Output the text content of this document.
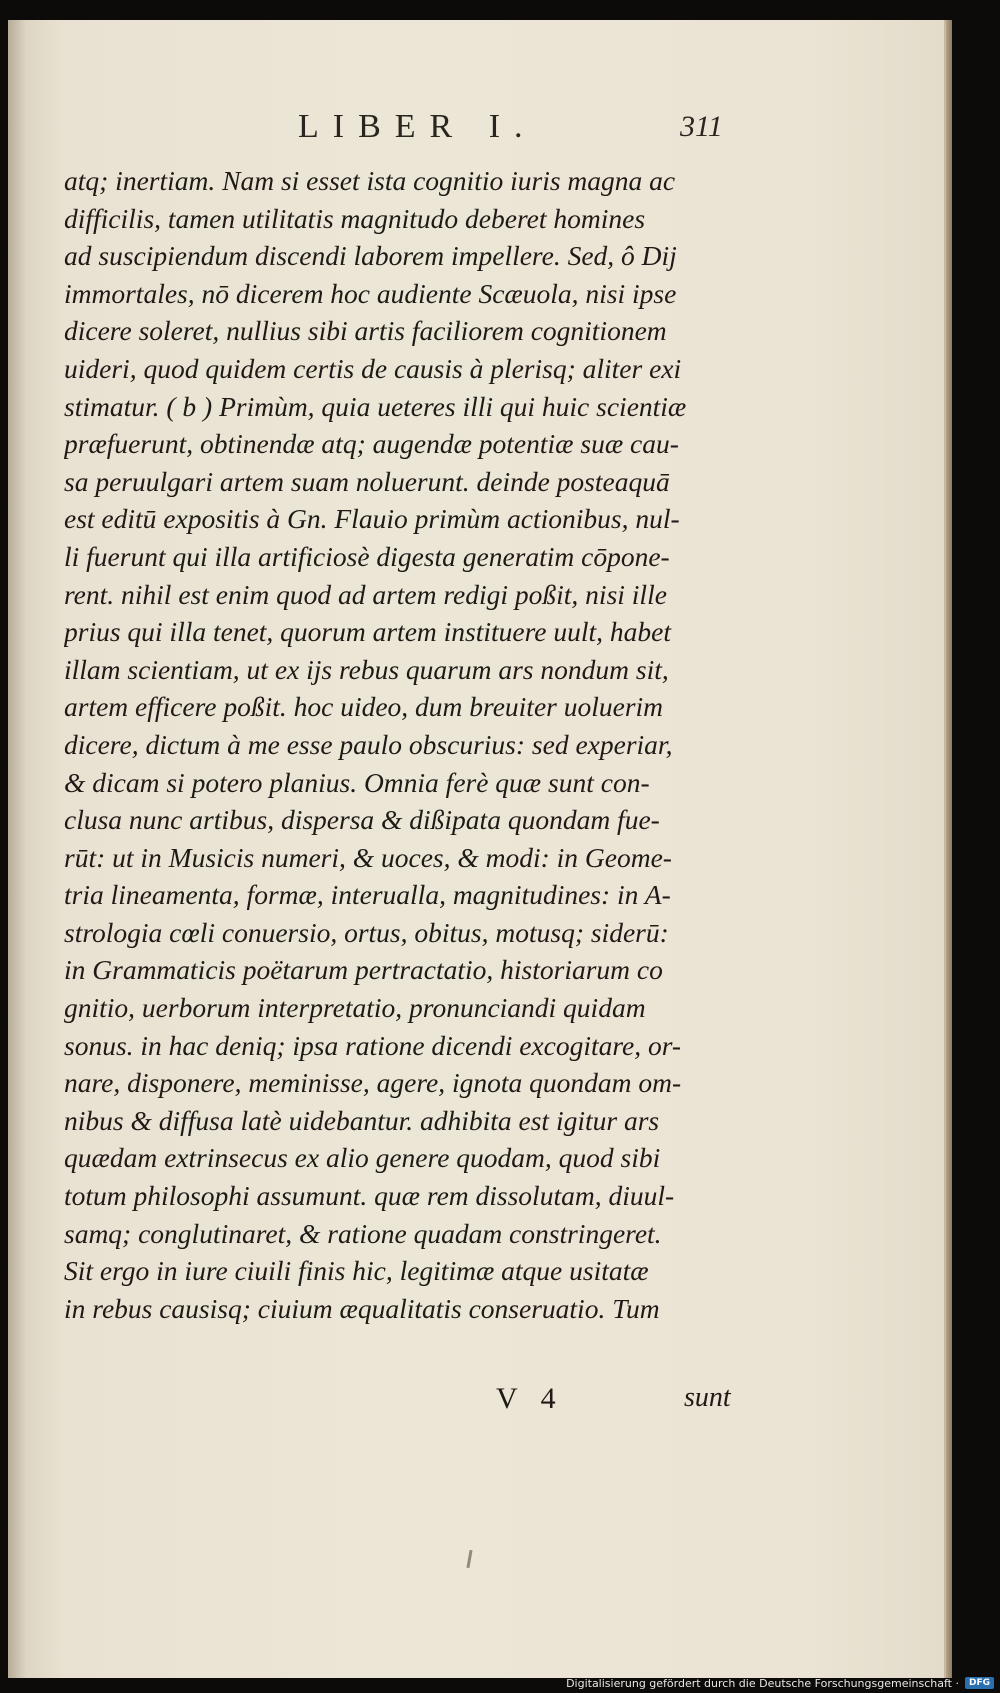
LIBER I.	311
atq; inertiam. Nam si esset ista cognitio iuris magna ac
difficilis, tamen utilitatis magnitudo deberet homines
ad suscipiendum discendi laborem impellere. Sed, ô Dij
immortales, nō dicerem hoc audiente Scæuola, nisi ipse
dicere soleret, nullius sibi artis faciliorem cognitionem
uideri, quod quidem certis de causis à plerisq; aliter exi
stimatur. ( b ) Primùm, quia ueteres illi qui huic scientiæ
præfuerunt, obtinendæ atq; augendæ potentiæ suæ cau-
sa peruulgari artem suam noluerunt. deinde posteaquā
est editū expositis à Gn. Flauio primùm actionibus, nul-
li fuerunt qui illa artificiosè digesta generatim cōpone-
rent. nihil est enim quod ad artem redigi poßit, nisi ille
prius qui illa tenet, quorum artem instituere uult, habet
illam scientiam, ut ex ijs rebus quarum ars nondum sit,
artem efficere poßit. hoc uideo, dum breuiter uoluerim
dicere, dictum à me esse paulo obscurius: sed experiar,
& dicam si potero planius. Omnia ferè quæ sunt con-
clusa nunc artibus, dispersa & dißipata quondam fue-
rūt: ut in Musicis numeri, & uoces, & modi: in Geome-
tria lineamenta, formæ, interualla, magnitudines: in A-
strologia cœli conuersio, ortus, obitus, motusq; siderū:
in Grammaticis poëtarum pertractatio, historiarum co
gnitio, uerborum interpretatio, pronunciandi quidam
sonus. in hac deniq; ipsa ratione dicendi excogitare, or-
nare, disponere, meminisse, agere, ignota quondam om-
nibus & diffusa latè uidebantur. adhibita est igitur ars
quædam extrinsecus ex alio genere quodam, quod sibi
totum philosophi assumunt. quæ rem dissolutam, diuul-
samq; conglutinaret, & ratione quadam constringeret.
Sit ergo in iure ciuili finis hic, legitimæ atque usitatæ
in rebus causisq; ciuium æqualitatis conseruatio. Tum
V 4	sunt
Digitalisierung gefördert durch die Deutsche Forschungsgemeinschaft ·	DFG
